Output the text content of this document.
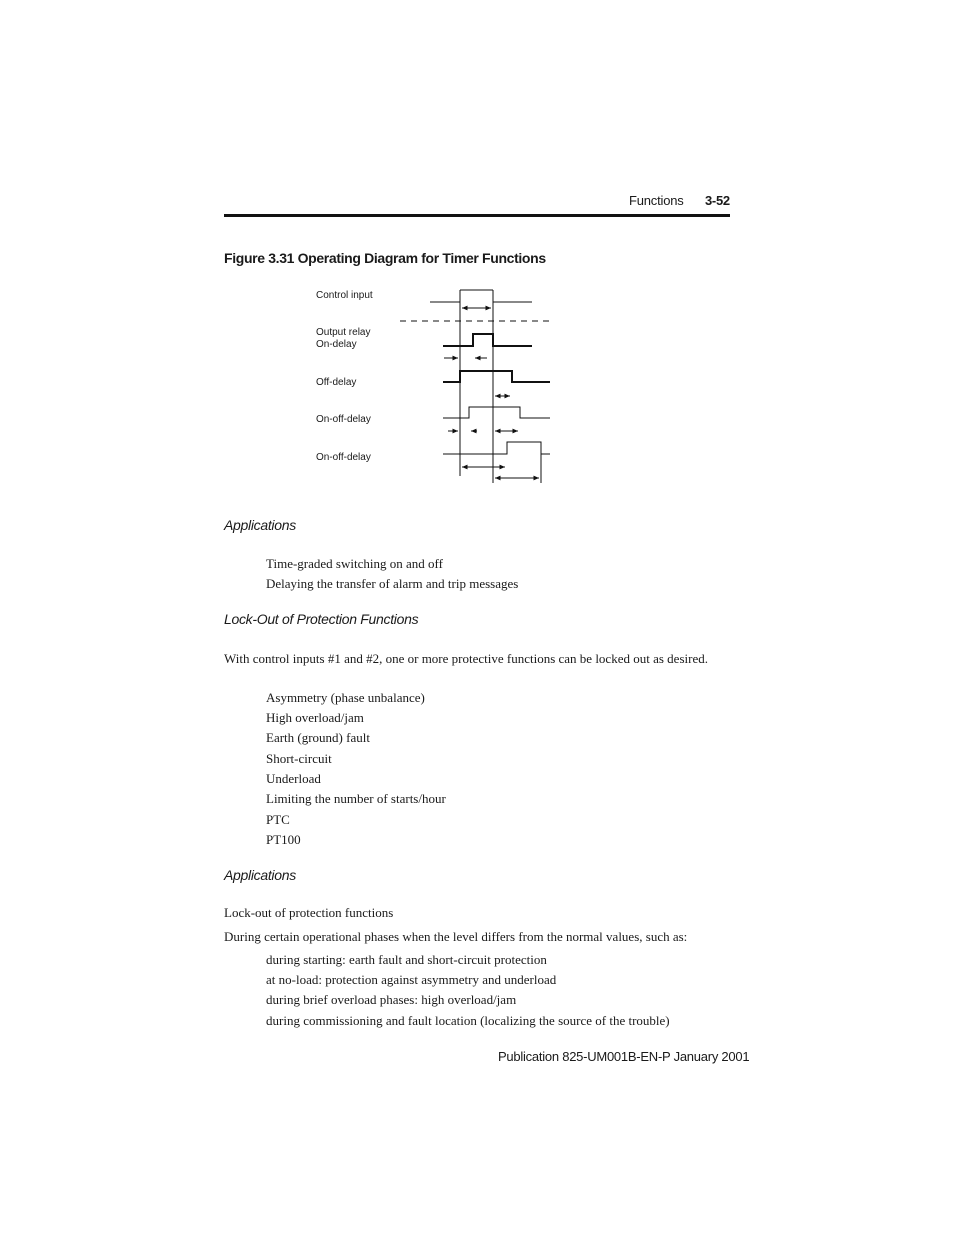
Functions 3-52
Figure 3.31 Operating Diagram for Timer Functions
Control input
Output relay
On-delay
Off-delay
On-off-delay
On-off-delay
Applications
Time-graded switching on and off
Delaying the transfer of alarm and trip messages
Lock-Out of Protection Functions
With control inputs #1 and #2, one or more protective functions can be locked out as desired.
Asymmetry (phase unbalance)
High overload/jam
Earth (ground) fault
Short-circuit
Underload
Limiting the number of starts/hour
PTC
PT100
Applications
Lock-out of protection functions
During certain operational phases when the level differs from the normal values, such as:
during starting: earth fault and short-circuit protection
at no-load: protection against asymmetry and underload
during brief overload phases: high overload/jam
during commissioning and fault location (localizing the source of the trouble)
Publication 825-UM001B-EN-P January 2001
